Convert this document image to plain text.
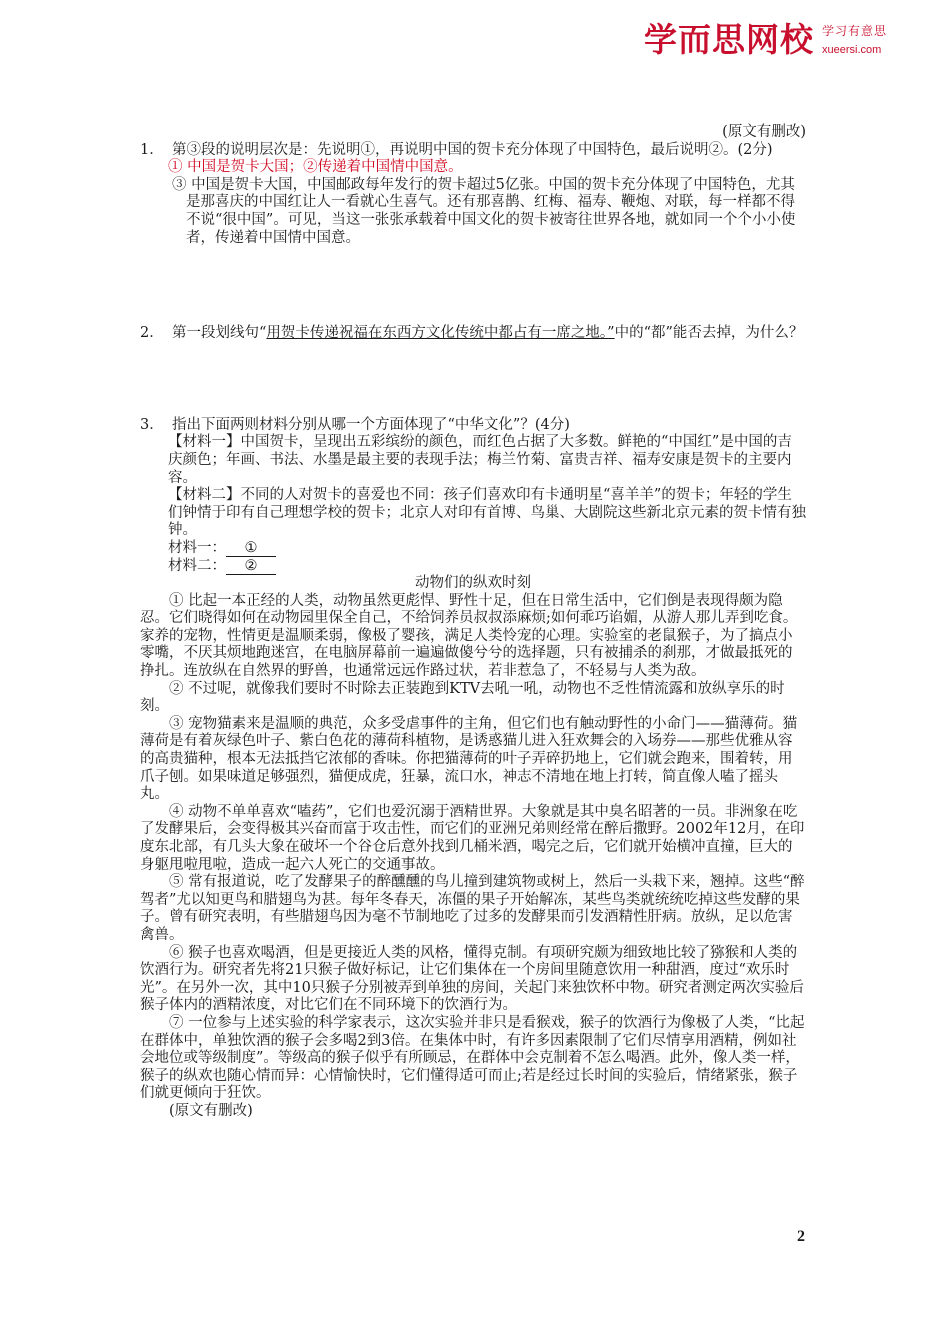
学而思网校 学习有意思
xueersi.com

(原文有删改)

1． 第③段的说明层次是：先说明①，再说明中国的贺卡充分体现了中国特色，最后说明②。(2分)

① 中国是贺卡大国；②传递着中国情中国意。

③ 中国是贺卡大国，中国邮政每年发行的贺卡超过5亿张。中国的贺卡充分体现了中国特色，尤其是那喜庆的中国红让人一看就心生喜气。还有那喜鹊、红梅、福寿、鞭炮、对联，每一样都不得不说“很中国”。可见，当这一张张承载着中国文化的贺卡被寄往世界各地，就如同一个个小小使者，传递着中国情中国意。

2． 第一段划线句“用贺卡传递祝福在东西方文化传统中都占有一席之地。”中的“都”能否去掉，为什么？

3． 指出下面两则材料分别从哪一个方面体现了“中华文化”？(4分)

【材料一】中国贺卡，呈现出五彩缤纷的颜色，而红色占据了大多数。鲜艳的“中国红”是中国的吉庆颜色；年画、书法、水墨是最主要的表现手法；梅兰竹菊、富贵吉祥、福寿安康是贺卡的主要内容。

【材料二】不同的人对贺卡的喜爱也不同：孩子们喜欢印有卡通明星“喜羊羊”的贺卡；年轻的学生们钟情于印有自己理想学校的贺卡；北京人对印有首博、鸟巢、大剧院这些新北京元素的贺卡情有独钟。

材料一： ①

材料二： ②

动物们的纵欢时刻

① 比起一本正经的人类，动物虽然更彪悍、野性十足，但在日常生活中，它们倒是表现得颇为隐忍。它们晓得如何在动物园里保全自己，不给饲养员叔叔添麻烦;如何乖巧谄媚，从游人那儿弄到吃食。家养的宠物，性情更是温顺柔弱，像极了婴孩，满足人类怜宠的心理。实验室的老鼠猴子，为了搞点小零嘴，不厌其烦地跑迷宫，在电脑屏幕前一遍遍做傻兮兮的选择题，只有被捕杀的刹那，才做最抵死的挣扎。连放纵在自然界的野兽，也通常远远作路过状，若非惹急了，不轻易与人类为敌。

② 不过呢，就像我们要时不时除去正装跑到KTV去吼一吼，动物也不乏性情流露和放纵享乐的时刻。

③ 宠物猫素来是温顺的典范，众多受虐事件的主角，但它们也有触动野性的小命门——猫薄荷。猫薄荷是有着灰绿色叶子、紫白色花的薄荷科植物，是诱惑猫儿进入狂欢舞会的入场券——那些优雅从容的高贵猫种，根本无法抵挡它浓郁的香味。你把猫薄荷的叶子弄碎扔地上，它们就会跑来，围着转，用爪子刨。如果味道足够强烈，猫便成虎，狂暴，流口水，神志不清地在地上打转，简直像人嗑了摇头丸。

④ 动物不单单喜欢“嗑药”，它们也爱沉溺于酒精世界。大象就是其中臭名昭著的一员。非洲象在吃了发酵果后，会变得极其兴奋而富于攻击性，而它们的亚洲兄弟则经常在醉后撒野。2002年12月，在印度东北部，有几头大象在破坏一个谷仓后意外找到几桶米酒，喝完之后，它们就开始横冲直撞，巨大的身躯甩啦甩啦，造成一起六人死亡的交通事故。

⑤ 常有报道说，吃了发酵果子的醉醺醺的鸟儿撞到建筑物或树上，然后一头栽下来，翘掉。这些“醉驾者”尤以知更鸟和腊翅鸟为甚。每年冬春天，冻僵的果子开始解冻，某些鸟类就统统吃掉这些发酵的果子。曾有研究表明，有些腊翅鸟因为毫不节制地吃了过多的发酵果而引发酒精性肝病。放纵，足以危害禽兽。

⑥ 猴子也喜欢喝酒，但是更接近人类的风格，懂得克制。有项研究颇为细致地比较了猕猴和人类的饮酒行为。研究者先将21只猴子做好标记，让它们集体在一个房间里随意饮用一种甜酒，度过“欢乐时光”。在另外一次，其中10只猴子分别被弄到单独的房间，关起门来独饮杯中物。研究者测定两次实验后猴子体内的酒精浓度，对比它们在不同环境下的饮酒行为。

⑦ 一位参与上述实验的科学家表示，这次实验并非只是看猴戏，猴子的饮酒行为像极了人类，“比起在群体中，单独饮酒的猴子会多喝2到3倍。在集体中时，有许多因素限制了它们尽情享用酒精，例如社会地位或等级制度”。等级高的猴子似乎有所顾忌，在群体中会克制着不怎么喝酒。此外，像人类一样，猴子的纵欢也随心情而异：心情愉快时，它们懂得适可而止;若是经过长时间的实验后，情绪紧张，猴子们就更倾向于狂饮。

(原文有删改)

2
